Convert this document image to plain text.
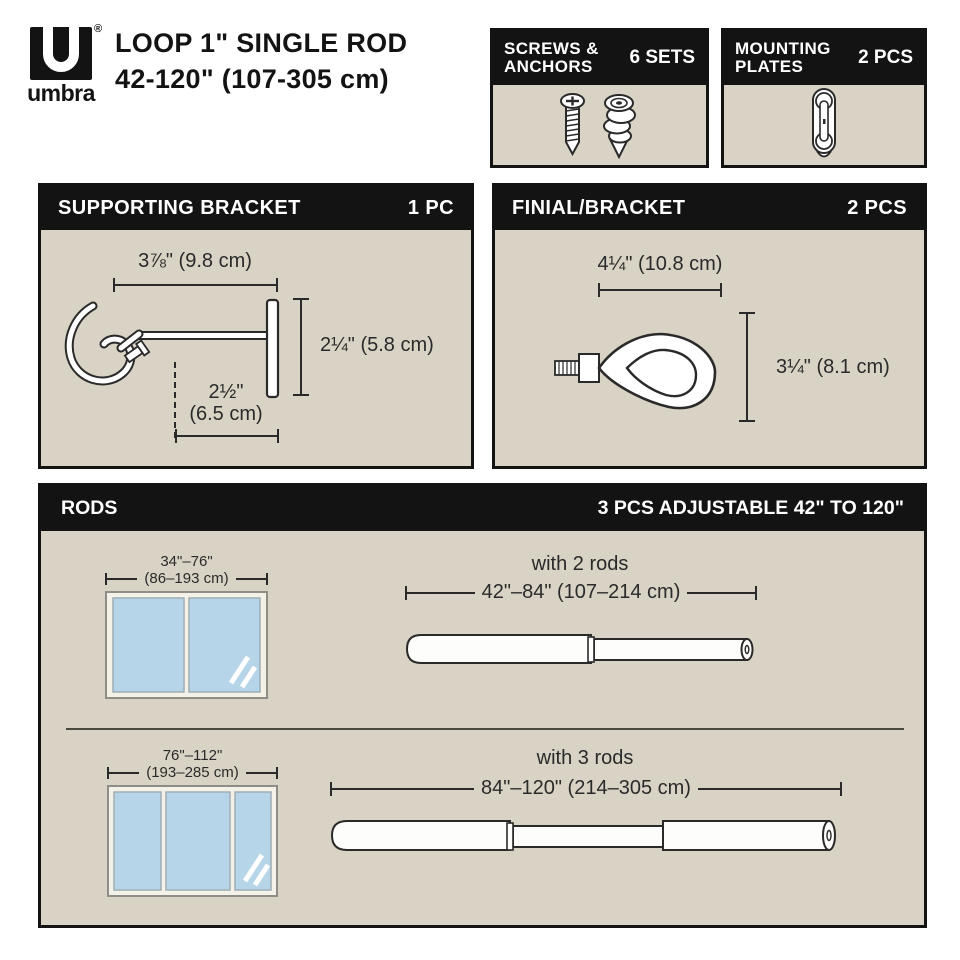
®
umbra
LOOP 1" SINGLE ROD
42-120" (107-305 cm)
SCREWS &
ANCHORS	6 SETS MOUNTING
PLATES	2 PCS
SUPPORTING BRACKET	1 PC
3⅞" (9.8 cm)
2¼" (5.8 cm)
2½"
(6.5 cm)
FINIAL/BRACKET	2 PCS
4¼" (10.8 cm)
3¼" (8.1 cm)
RODS	3 PCS ADJUSTABLE 42" TO 120"
34"–76"
(86–193 cm)
with 2 rods
42"–84" (107–214 cm)
76"–112"
(193–285 cm)
with 3 rods
84"–120" (214–305 cm)
